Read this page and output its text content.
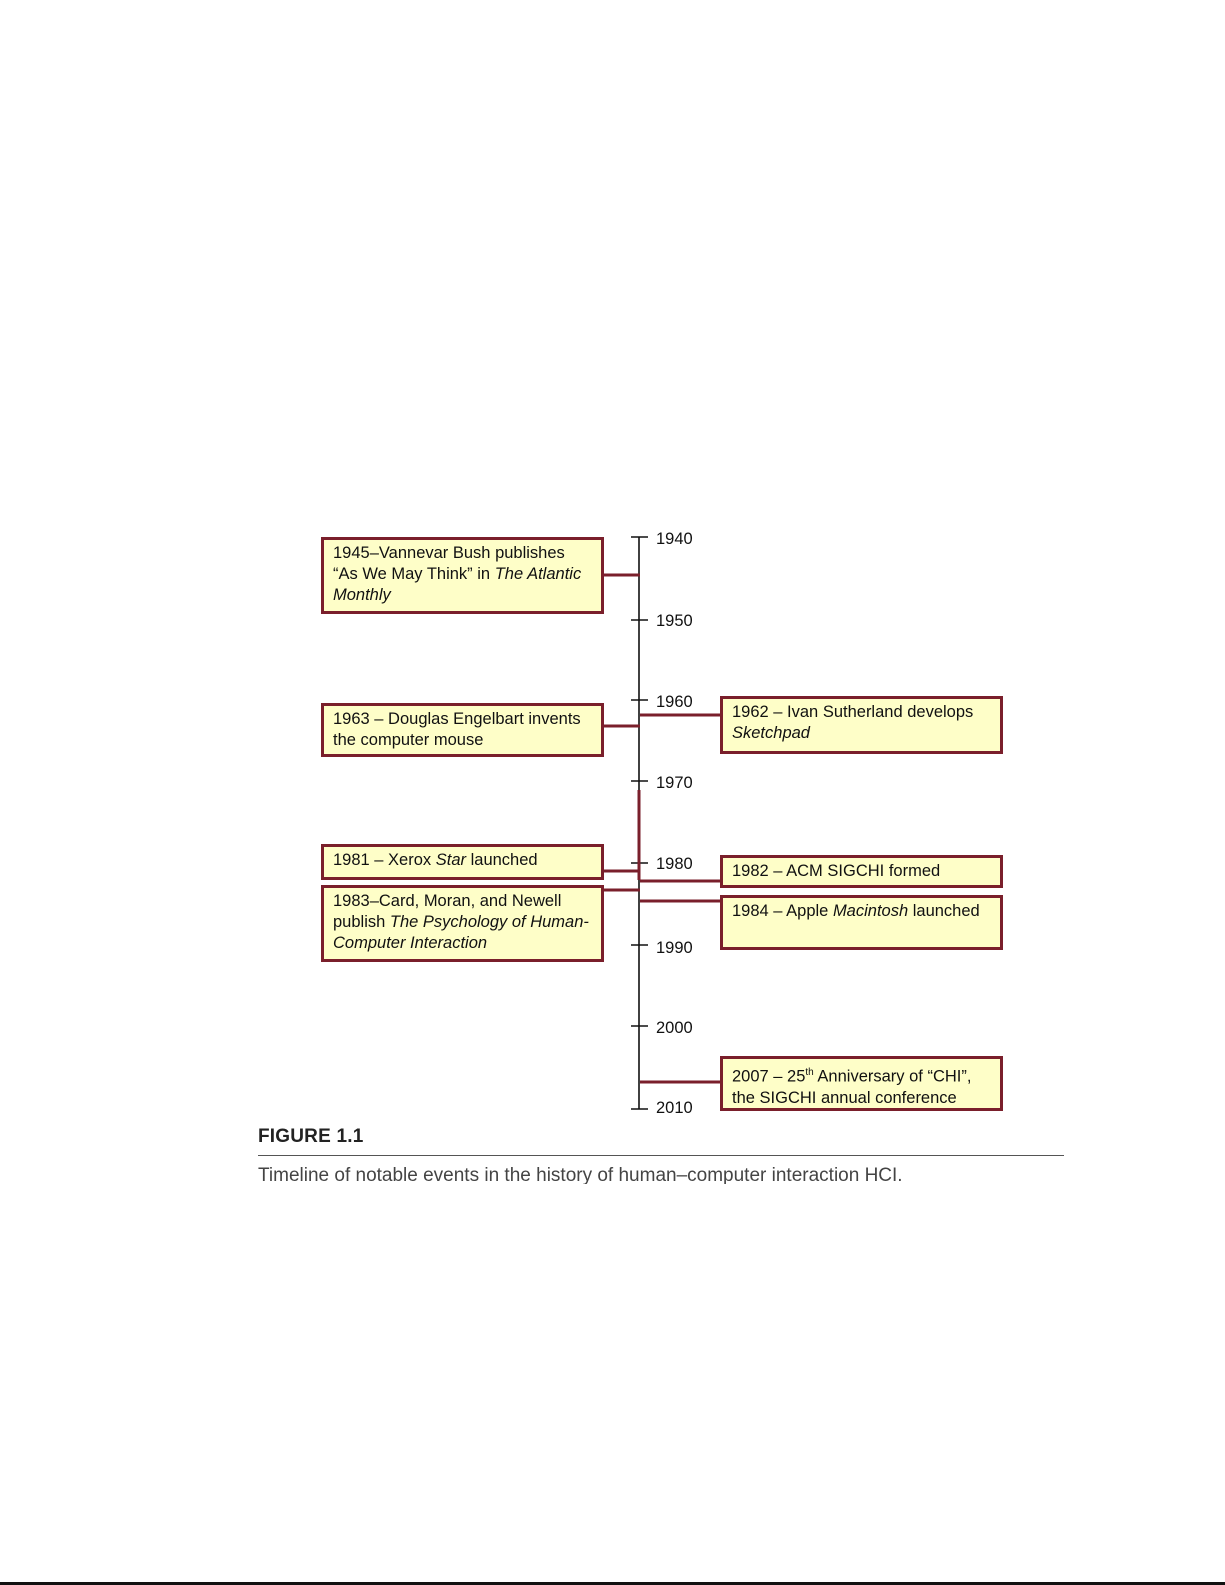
1940
1950
1960
1970
1980
1990
2000
2010
1945–Vannevar Bush publishes “As We May Think” in The Atlantic Monthly
1963 – Douglas Engelbart invents the computer mouse
1962 – Ivan Sutherland develops Sketchpad
1981 – Xerox Star launched
1982 – ACM SIGCHI formed
1983–Card, Moran, and Newell publish The Psychology of Human-Computer Interaction
1984 – Apple Macintosh launched
2007 – 25th Anniversary of “CHI”, the SIGCHI annual conference
FIGURE 1.1
Timeline of notable events in the history of human–computer interaction HCI.
